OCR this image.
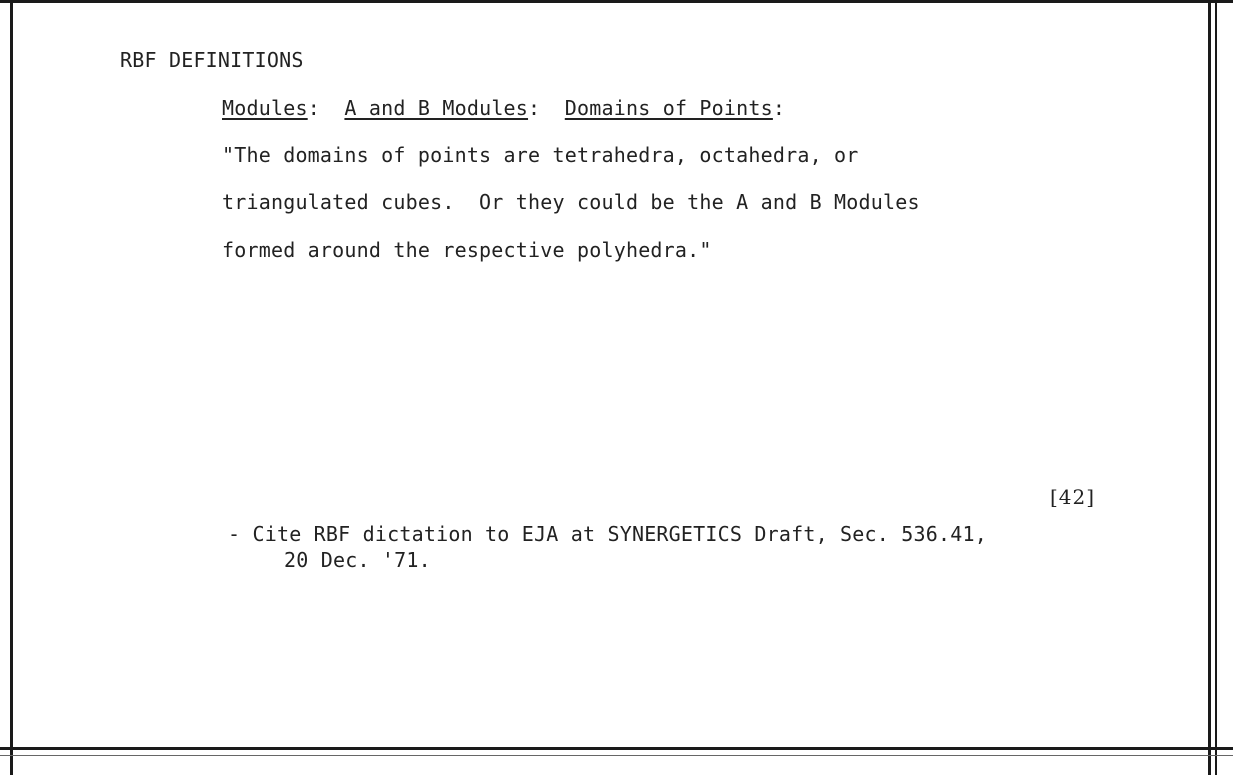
RBF DEFINITIONS
Modules:  A and B Modules:  Domains of Points:
"The domains of points are tetrahedra, octahedra, or
triangulated cubes.  Or they could be the A and B Modules
formed around the respective polyhedra."
[42]
- Cite RBF dictation to EJA at SYNERGETICS Draft, Sec. 536.41,
20 Dec. '71.
